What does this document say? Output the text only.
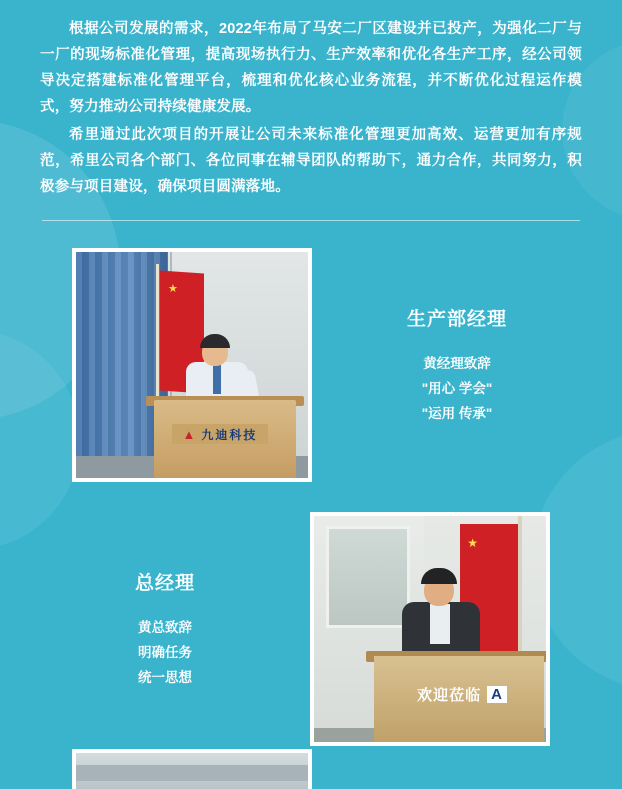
根据公司发展的需求，2022年布局了马安二厂区建设并已投产，为强化二厂与一厂的现场标准化管理，提高现场执行力、生产效率和优化各生产工序，经公司领导决定搭建标准化管理平台，梳理和优化核心业务流程，并不断优化过程运作模式，努力推动公司持续健康发展。

希里通过此次项目的开展让公司未来标准化管理更加高效、运营更加有序规范，希里公司各个部门、各位同事在辅导团队的帮助下，通力合作，共同努力，积极参与项目建设，确保项目圆满落地。

★
▲ 九迪科技
生产部经理
黄经理致辞
"用心 学会"
"运用 传承"
总经理
黄总致辞
明确任务
统一思想
★
欢迎莅临 A
